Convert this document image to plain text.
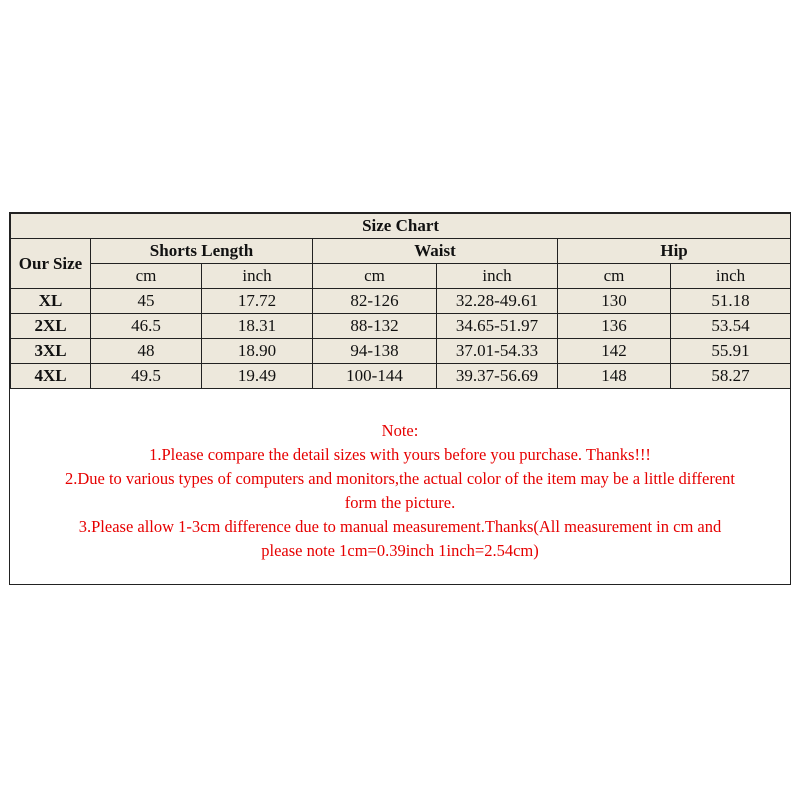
Size Chart						
Our Size	Shorts Length		Waist		Hip	
	cm	inch	cm	inch	cm	inch
XL	45	17.72	82-126	32.28-49.61	130	51.18
2XL	46.5	18.31	88-132	34.65-51.97	136	53.54
3XL	48	18.90	94-138	37.01-54.33	142	55.91
4XL	49.5	19.49	100-144	39.37-56.69	148	58.27
Note:
1.Please compare the detail sizes with yours before you purchase. Thanks!!!
2.Due to various types of computers and monitors,the actual color of the item may be a little different
form the picture.
3.Please allow 1-3cm difference due to manual measurement.Thanks(All measurement in cm and
please note 1cm=0.39inch 1inch=2.54cm)
